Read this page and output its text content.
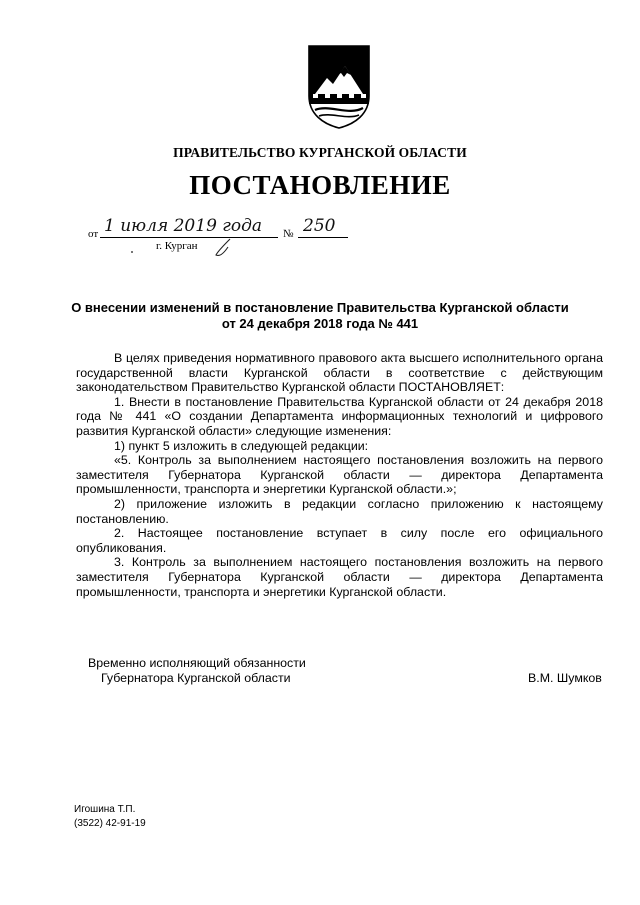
ПРАВИТЕЛЬСТВО КУРГАНСКОЙ ОБЛАСТИ
ПОСТАНОВЛЕНИЕ
от 1 июля 2019 года № 250
г. Курган
О внесении изменений в постановление Правительства Курганской области
от 24 декабря 2018 года № 441

В целях приведения нормативного правового акта высшего исполнительного органа государственной власти Курганской области в соответствие с действующим законодательством Правительство Курганской области ПОСТАНОВЛЯЕТ:

1. Внести в постановление Правительства Курганской области от 24 декабря 2018 года № 441 «О создании Департамента информационных технологий и цифрового развития Курганской области» следующие изменения:

1) пункт 5 изложить в следующей редакции:

«5. Контроль за выполнением настоящего постановления возложить на первого заместителя Губернатора Курганской области — директора Департамента промышленности, транспорта и энергетики Курганской области.»;

2) приложение изложить в редакции согласно приложению к настоящему постановлению.

2. Настоящее постановление вступает в силу после его официального опубликования.

3. Контроль за выполнением настоящего постановления возложить на первого заместителя Губернатора Курганской области — директора Департамента промышленности, транспорта и энергетики Курганской области.

Временно исполняющий обязанности
Губернатора Курганской области	В.М. Шумков
Игошина Т.П.
(3522) 42-91-19
